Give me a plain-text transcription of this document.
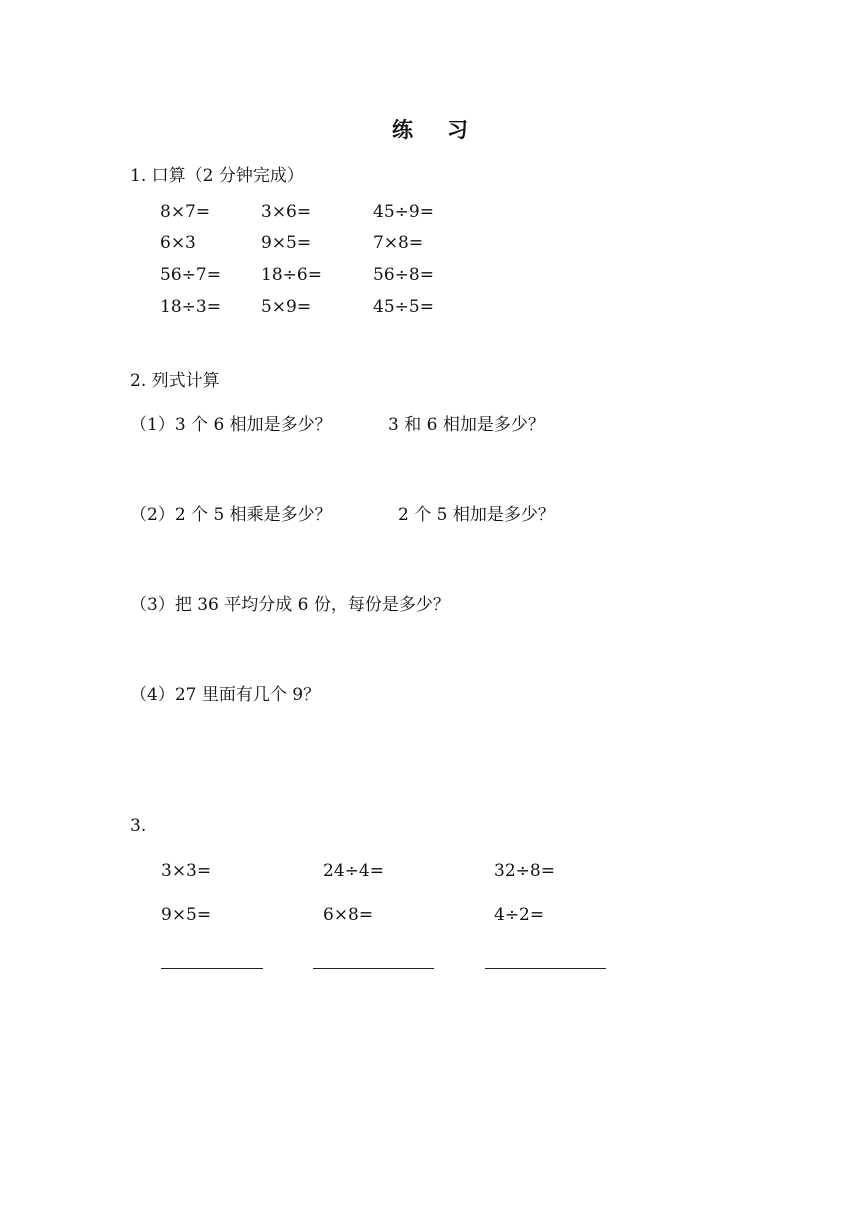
练 习
1. 口算（2 分钟完成）
8×7=	3×6=	45÷9=
6×3	9×5=	7×8=
56÷7= 18÷6=	56÷8=
18÷3= 5×9=	45÷5=
2. 列式计算
（1）3 个 6 相加是多少？	3 和 6 相加是多少？
（2）2 个 5 相乘是多少？	2 个 5 相加是多少？
（3）把 36 平均分成 6 份，每份是多少？
（4）27 里面有几个 9？
3.
3×3=	24÷4=	32÷8=
9×5=	6×8=	4÷2=
